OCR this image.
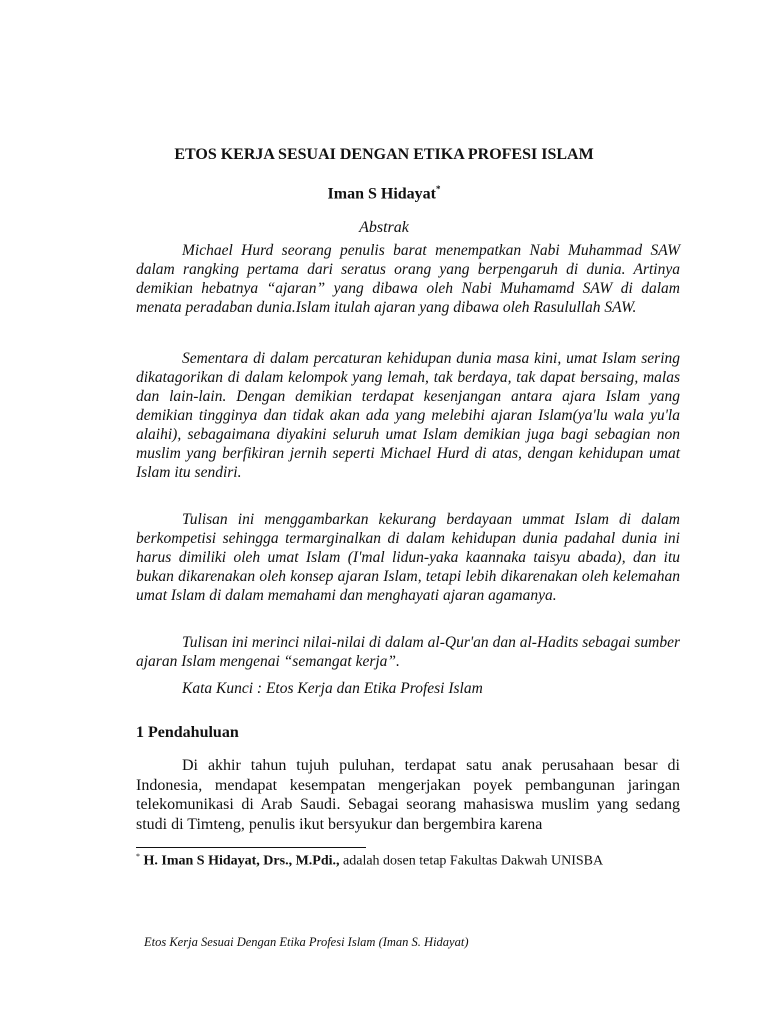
ETOS KERJA SESUAI DENGAN ETIKA PROFESI ISLAM

Iman S Hidayat*

Abstrak

Michael Hurd seorang penulis barat menempatkan Nabi Muhammad SAW dalam rangking pertama dari seratus orang yang berpengaruh di dunia. Artinya demikian hebatnya “ajaran” yang dibawa oleh Nabi Muhamamd SAW di dalam menata peradaban dunia.Islam itulah ajaran yang dibawa oleh Rasulullah SAW.

Sementara di dalam percaturan kehidupan dunia masa kini, umat Islam sering dikatagorikan di dalam kelompok yang lemah, tak berdaya, tak dapat bersaing, malas dan lain-lain. Dengan demikian terdapat kesenjangan antara ajara Islam yang demikian tingginya dan tidak akan ada yang melebihi ajaran Islam(ya'lu wala yu'la alaihi), sebagaimana diyakini seluruh umat Islam demikian juga bagi sebagian non muslim yang berfikiran jernih seperti Michael Hurd di atas, dengan kehidupan umat Islam itu sendiri.

Tulisan ini menggambarkan kekurang berdayaan ummat Islam di dalam berkompetisi sehingga termarginalkan di dalam kehidupan dunia padahal dunia ini harus dimiliki oleh umat Islam (I'mal lidun-yaka kaannaka taisyu abada), dan itu bukan dikarenakan oleh konsep ajaran Islam, tetapi lebih dikarenakan oleh kelemahan umat Islam di dalam memahami dan menghayati ajaran agamanya.

Tulisan ini merinci nilai-nilai di dalam al-Qur'an dan al-Hadits sebagai sumber ajaran Islam mengenai “semangat kerja”.

Kata Kunci : Etos Kerja dan Etika Profesi Islam

1 Pendahuluan

Di akhir tahun tujuh puluhan, terdapat satu anak perusahaan besar di Indonesia, mendapat kesempatan mengerjakan poyek pembangunan jaringan telekomunikasi di Arab Saudi. Sebagai seorang mahasiswa muslim yang sedang studi di Timteng, penulis ikut bersyukur dan bergembira karena

* H. Iman S Hidayat, Drs., M.Pdi., adalah dosen tetap Fakultas Dakwah UNISBA

Etos Kerja Sesuai Dengan Etika Profesi Islam (Iman S. Hidayat)
